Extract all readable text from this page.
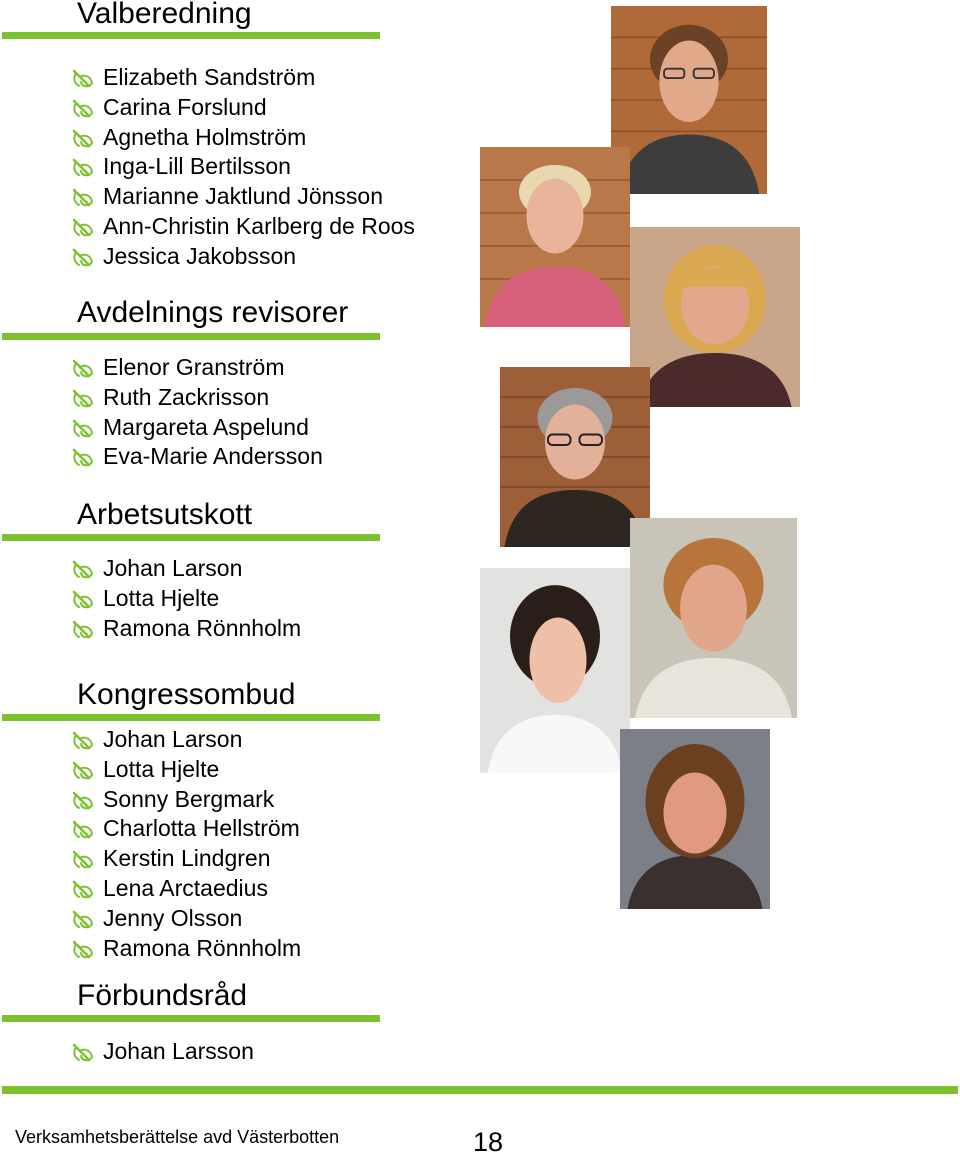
Valberedning
Elizabeth Sandström
Carina Forslund
Agnetha Holmström
Inga-Lill Bertilsson
Marianne Jaktlund Jönsson
Ann-Christin Karlberg de Roos
Jessica Jakobsson
Avdelnings revisorer
Elenor Granström
Ruth Zackrisson
Margareta Aspelund
Eva-Marie Andersson
Arbetsutskott
Johan Larson
Lotta Hjelte
Ramona Rönnholm
Kongressombud
Johan Larson
Lotta Hjelte
Sonny Bergmark
Charlotta Hellström
Kerstin Lindgren
Lena Arctaedius
Jenny Olsson
Ramona Rönnholm
Förbundsråd
Johan Larsson
Verksamhetsberättelse avd Västerbotten	18
